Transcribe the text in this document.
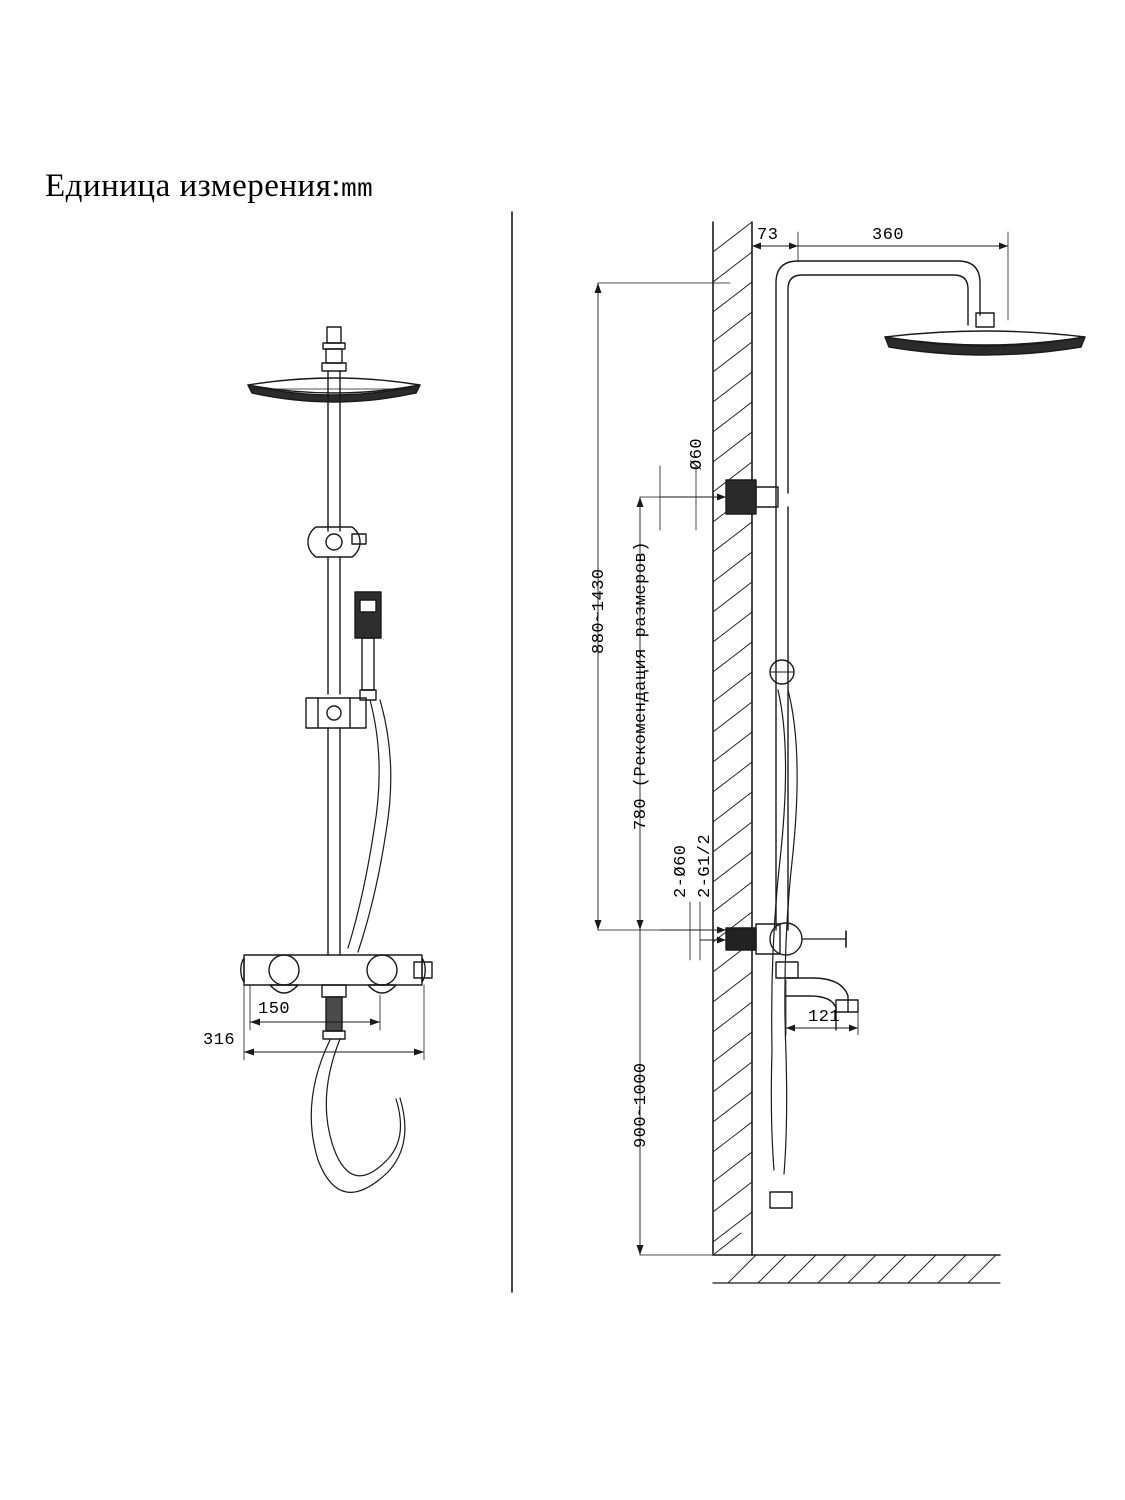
Единица измерения:mm
150
316
73	360
Ø60
880~1430 780 (Рекомендация размеров)
2-Ø60 2-G1/2
121
900~1000
